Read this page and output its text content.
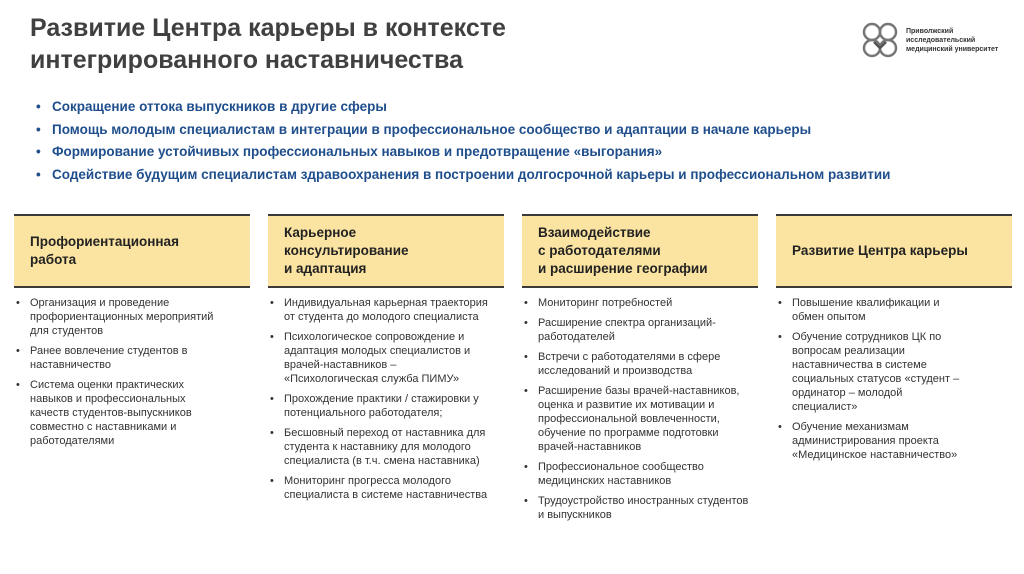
Развитие Центра карьеры в контексте
интегрированного наставничества
Приволжский исследовательский медицинский университет
• Сокращение оттока выпускников в другие сферы
• Помощь молодым специалистам в интеграции в профессиональное сообщество и адаптации в начале карьеры
• Формирование устойчивых профессиональных навыков и предотвращение «выгорания»
• Содействие будущим специалистам здравоохранения в построении долгосрочной карьеры и профессиональном развитии
Профориентационная
работа
• Организация и проведение
профориентационных мероприятий
для студентов
• Ранее вовлечение студентов в
наставничество
• Система оценки практических
навыков и профессиональных
качеств студентов-выпускников
совместно с наставниками и
работодателями
Карьерное
консультирование
и адаптация
• Индивидуальная карьерная траектория
от студента до молодого специалиста
• Психологическое сопровождение и
адаптация молодых специалистов и
врачей-наставников –
«Психологическая служба ПИМУ»
• Прохождение практики / стажировки у
потенциального работодателя;
• Бесшовный переход от наставника для
студента к наставнику для молодого
специалиста (в т.ч. смена наставника)
• Мониторинг прогресса молодого
специалиста в системе наставничества
Взаимодействие
с работодателями
и расширение географии
• Мониторинг потребностей
• Расширение спектра организаций-
работодателей
• Встречи с работодателями в сфере
исследований и производства
• Расширение базы врачей-наставников,
оценка и развитие их мотивации и
профессиональной вовлеченности,
обучение по программе подготовки
врачей-наставников
• Профессиональное сообщество
медицинских наставников
• Трудоустройство иностранных студентов
и выпускников
Развитие Центра карьеры
• Повышение квалификации и
обмен опытом
• Обучение сотрудников ЦК по
вопросам реализации
наставничества в системе
социальных статусов «студент –
ординатор – молодой
специалист»
• Обучение механизмам
администрирования проекта
«Медицинское наставничество»
